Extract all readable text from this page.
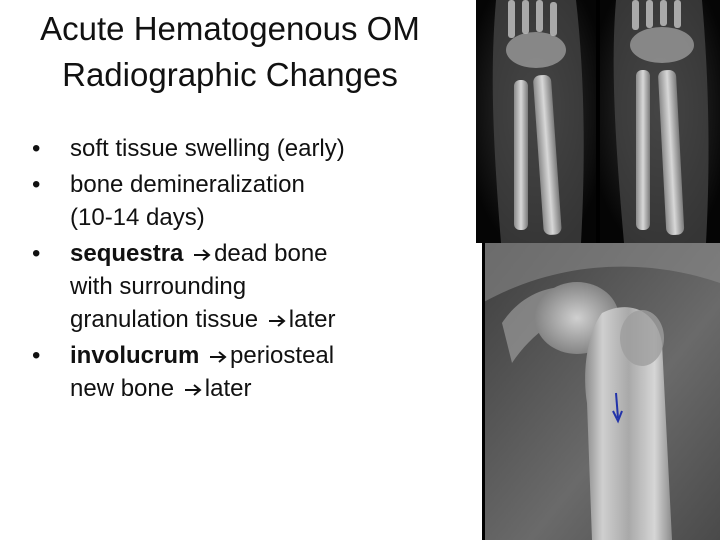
Acute Hematogenous OM
Radiographic Changes
•	soft tissue swelling (early)
•	bone demineralization
(10-14 days)
•	sequestra dead bone
with surrounding
granulation tissue later
•	involucrum periosteal
new bone later
